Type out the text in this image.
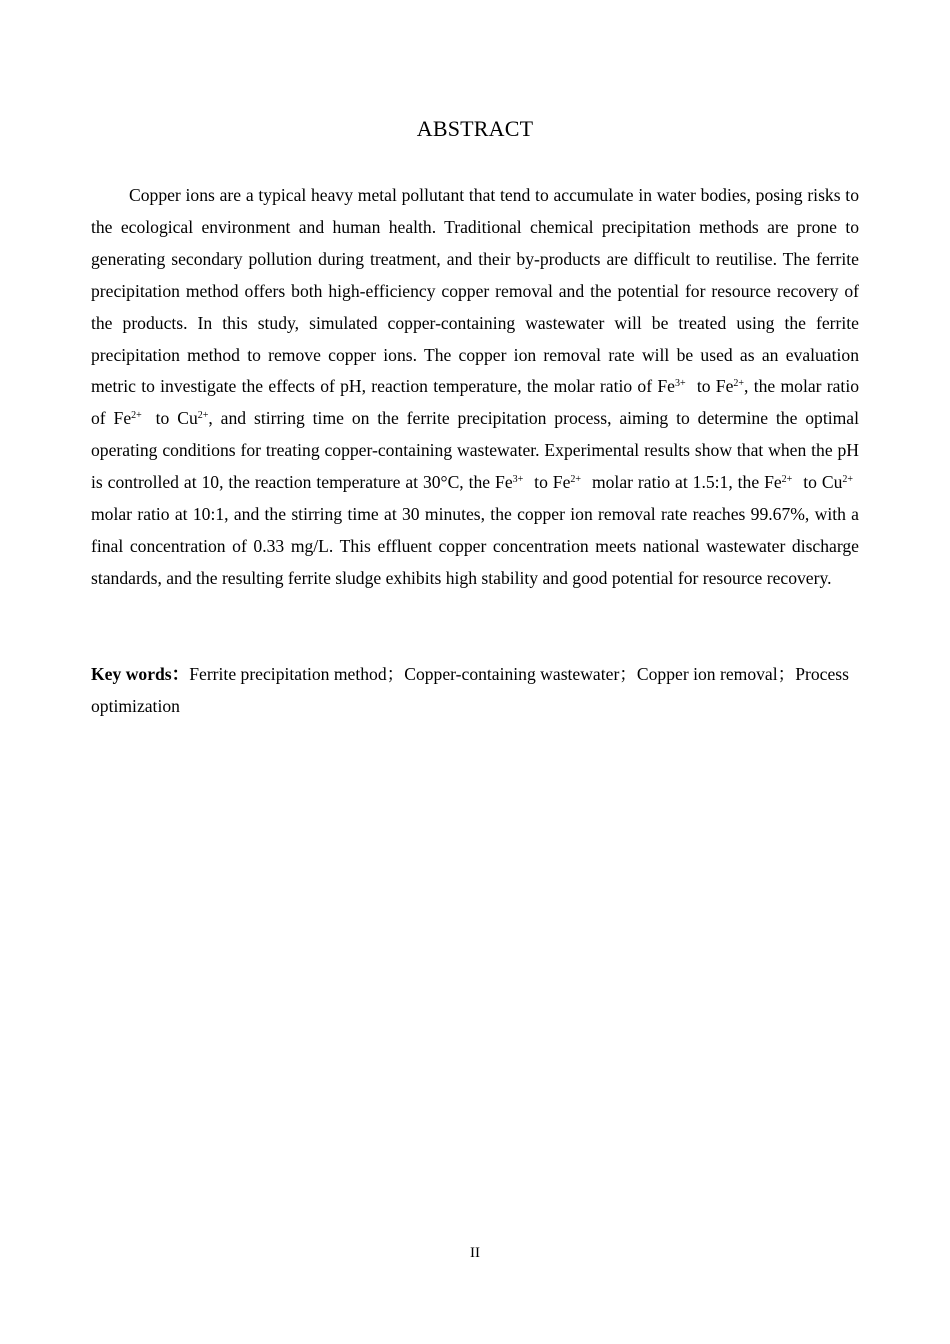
ABSTRACT
Copper ions are a typical heavy metal pollutant that tend to accumulate in water bodies, posing risks to the ecological environment and human health. Traditional chemical precipitation methods are prone to generating secondary pollution during treatment, and their by-products are difficult to reutilise. The ferrite precipitation method offers both high-efficiency copper removal and the potential for resource recovery of the products. In this study, simulated copper-containing wastewater will be treated using the ferrite precipitation method to remove copper ions. The copper ion removal rate will be used as an evaluation metric to investigate the effects of pH, reaction temperature, the molar ratio of $Fe^{3+}$ to $Fe^{2+}$, the molar ratio of $Fe^{2+}$ to $Cu^{2+}$, and stirring time on the ferrite precipitation process, aiming to determine the optimal operating conditions for treating copper-containing wastewater. Experimental results show that when the pH is controlled at 10, the reaction temperature at 30°C, the $Fe^{3+}$ to $Fe^{2+}$ molar ratio at 1.5:1, the $Fe^{2+}$ to $Cu^{2+}$ molar ratio at 10:1, and the stirring time at 30 minutes, the copper ion removal rate reaches 99.67%, with a final concentration of 0.33 mg/L. This effluent copper concentration meets national wastewater discharge standards, and the resulting ferrite sludge exhibits high stability and good potential for resource recovery.
Key words：Ferrite precipitation method；Copper-containing wastewater；Copper ion removal；Process optimization
II
